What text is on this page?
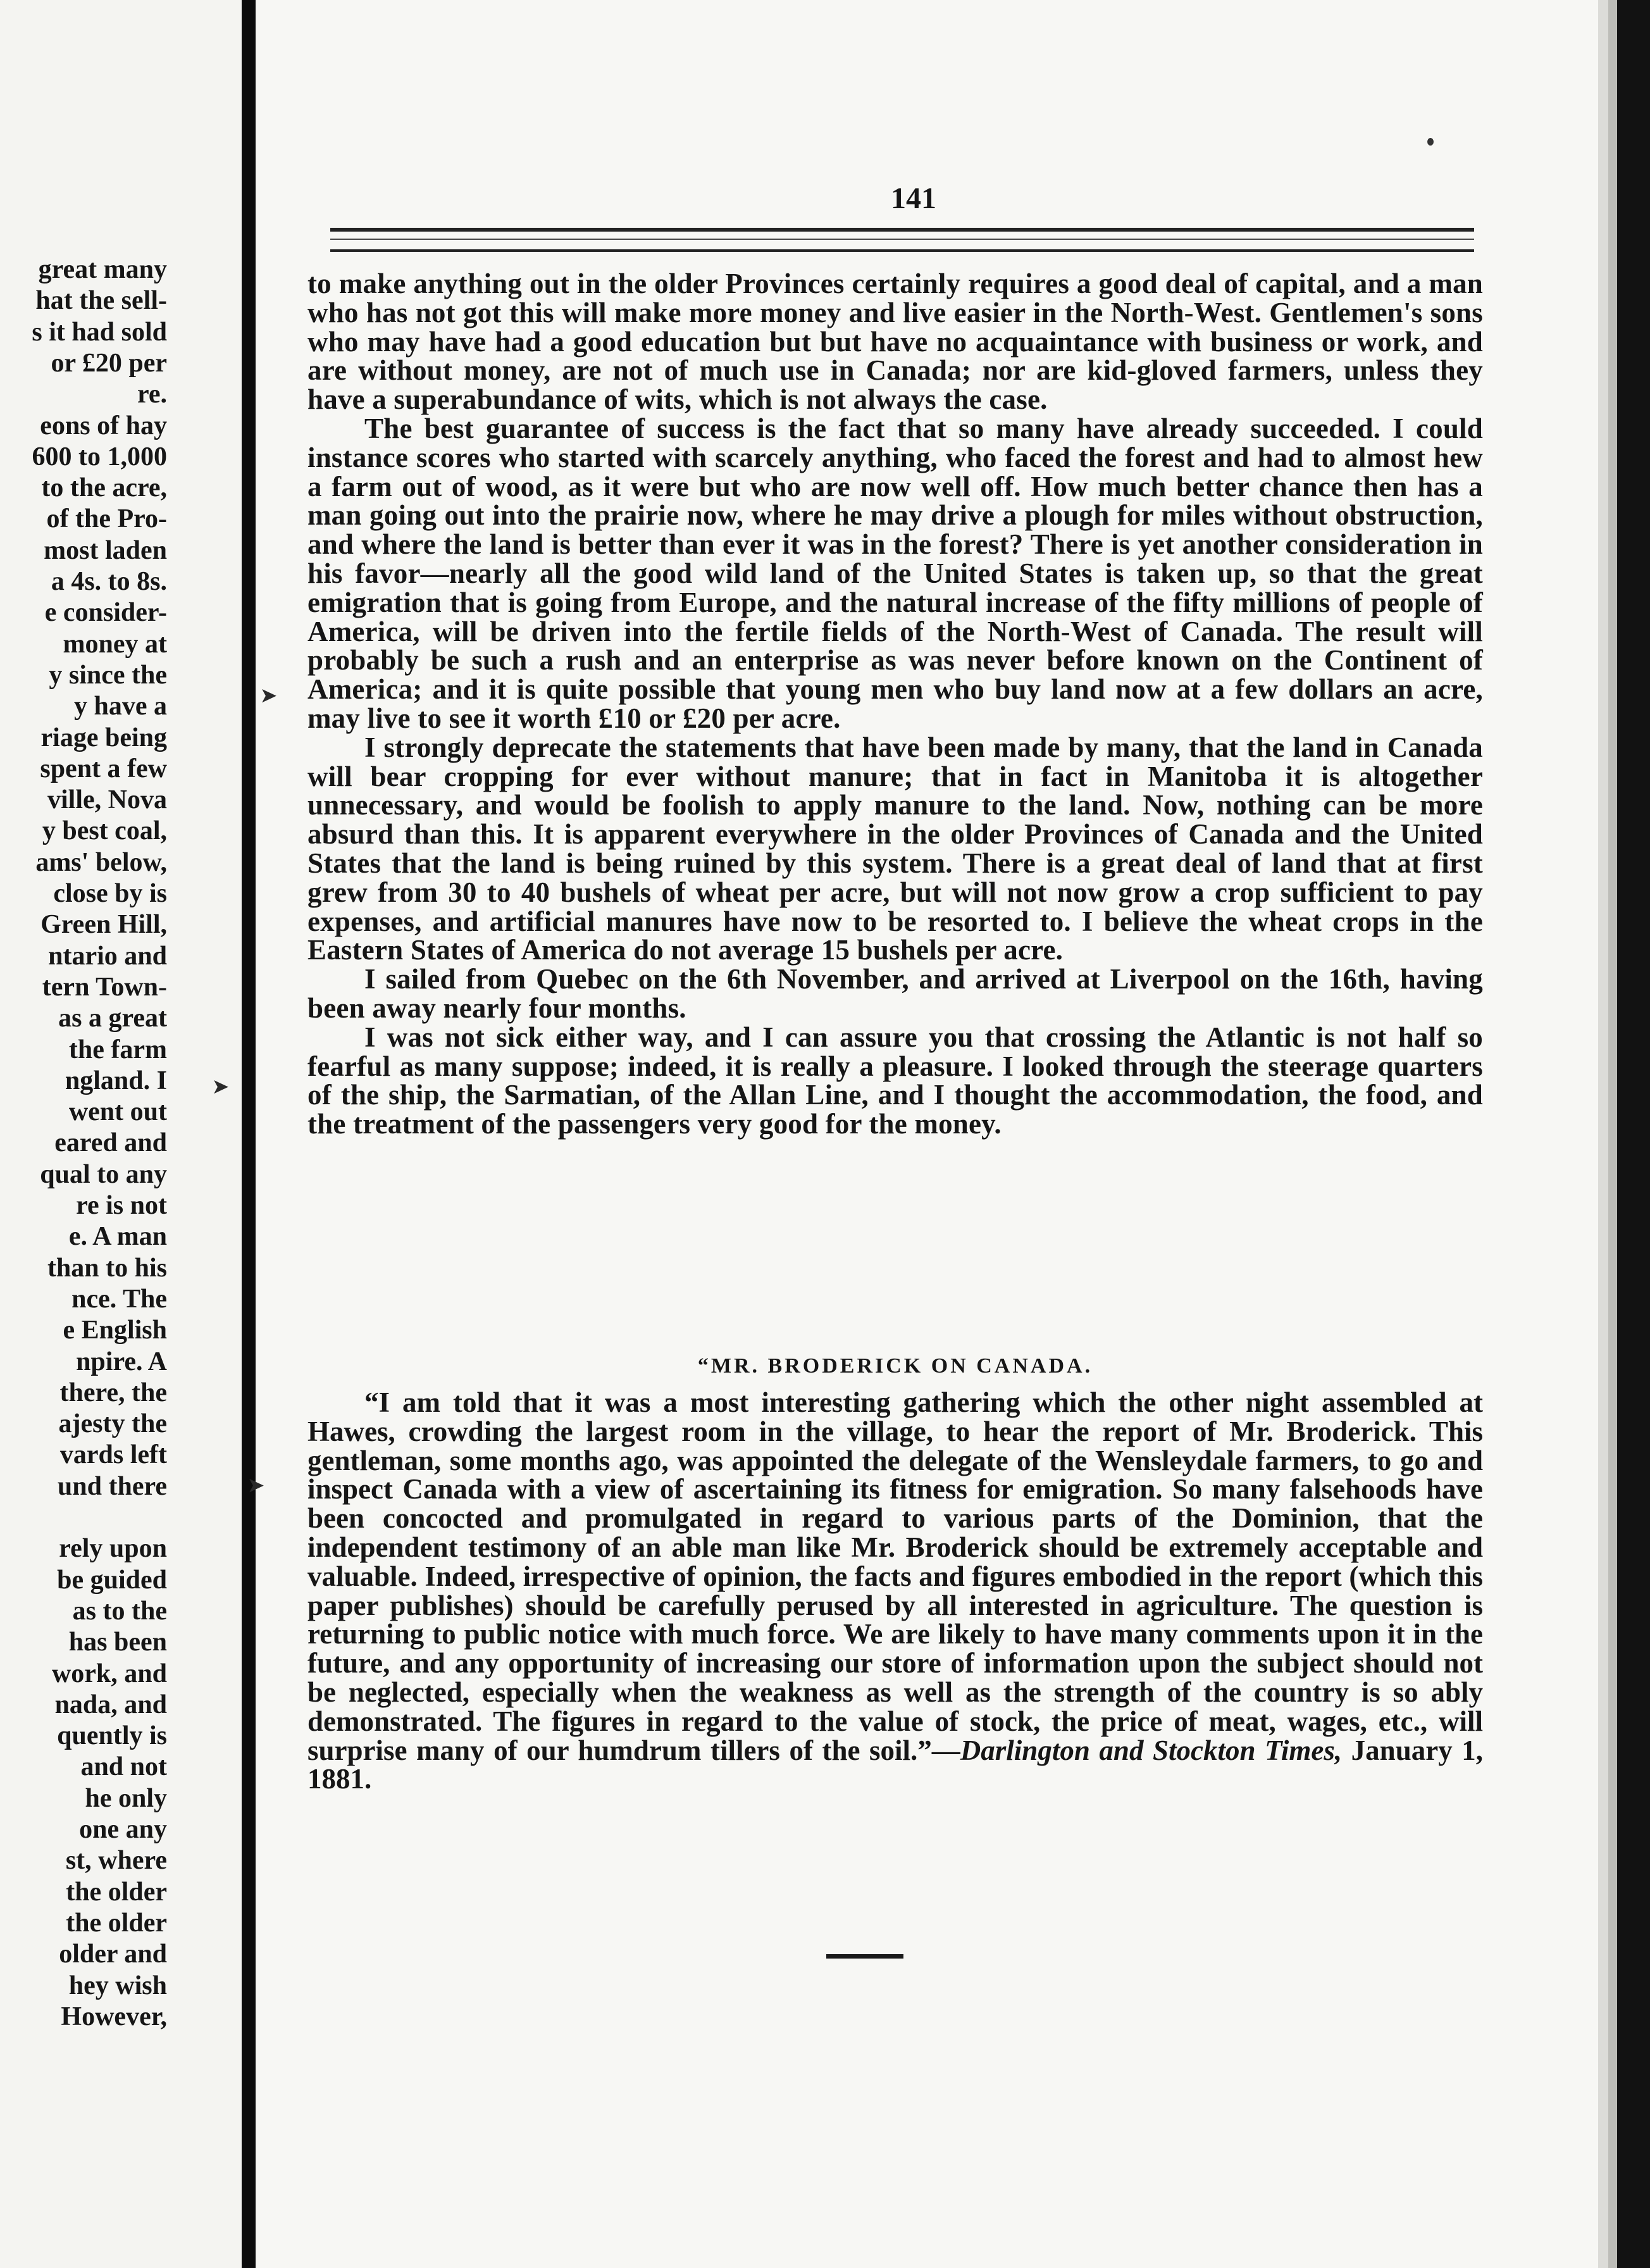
great many
hat the sell-
s it had sold
or £20 per
re.
eons of hay
600 to 1,000
to the acre,
of the Pro-
most laden
a 4s. to 8s.
e consider-
money at
y since the
y have a
riage being
spent a few
ville, Nova
y best coal,
ams' below,
close by is
Green Hill,
ntario and
tern Town-
as a great
the farm
ngland. I
went out
eared and
qual to any
re is not
e. A man
than to his
nce. The
e English
npire. A
there, the
ajesty the
vards left
und there
rely upon
be guided
as to the
has been
work, and
nada, and
quently is
and not
he only
one any
st, where
the older
the older
older and
hey wish
However,
141

to make anything out in the older Provinces certainly requires a good deal of capital, and a man who has not got this will make more money and live easier in the North-West. Gentlemen's sons who may have had a good education but but have no acquaintance with business or work, and are without money, are not of much use in Canada; nor are kid-gloved farmers, unless they have a superabundance of wits, which is not always the case.

The best guarantee of success is the fact that so many have already succeeded. I could instance scores who started with scarcely anything, who faced the forest and had to almost hew a farm out of wood, as it were but who are now well off. How much better chance then has a man going out into the prairie now, where he may drive a plough for miles without obstruction, and where the land is better than ever it was in the forest? There is yet another consideration in his favor—nearly all the good wild land of the United States is taken up, so that the great emigration that is going from Europe, and the natural increase of the fifty millions of people of America, will be driven into the fertile fields of the North-West of Canada. The result will probably be such a rush and an enterprise as was never before known on the Continent of America; and it is quite possible that young men who buy land now at a few dollars an acre, may live to see it worth £10 or £20 per acre.

I strongly deprecate the statements that have been made by many, that the land in Canada will bear cropping for ever without manure; that in fact in Manitoba it is altogether unnecessary, and would be foolish to apply manure to the land. Now, nothing can be more absurd than this. It is apparent everywhere in the older Provinces of Canada and the United States that the land is being ruined by this system. There is a great deal of land that at first grew from 30 to 40 bushels of wheat per acre, but will not now grow a crop sufficient to pay expenses, and artificial manures have now to be resorted to. I believe the wheat crops in the Eastern States of America do not average 15 bushels per acre.

I sailed from Quebec on the 6th November, and arrived at Liverpool on the 16th, having been away nearly four months.

I was not sick either way, and I can assure you that crossing the Atlantic is not half so fearful as many suppose; indeed, it is really a pleasure. I looked through the steerage quarters of the ship, the Sarmatian, of the Allan Line, and I thought the accommodation, the food, and the treatment of the passengers very good for the money.

➤
➤
➤
“MR. BRODERICK ON CANADA.

“I am told that it was a most interesting gathering which the other night assembled at Hawes, crowding the largest room in the village, to hear the report of Mr. Broderick. This gentleman, some months ago, was appointed the delegate of the Wensleydale farmers, to go and inspect Canada with a view of ascertaining its fitness for emigration. So many falsehoods have been concocted and promulgated in regard to various parts of the Dominion, that the independent testimony of an able man like Mr. Broderick should be extremely acceptable and valuable. Indeed, irrespective of opinion, the facts and figures embodied in the report (which this paper publishes) should be carefully perused by all interested in agriculture. The question is returning to public notice with much force. We are likely to have many comments upon it in the future, and any opportunity of increasing our store of information upon the subject should not be neglected, especially when the weakness as well as the strength of the country is so ably demonstrated. The figures in regard to the value of stock, the price of meat, wages, etc., will surprise many of our humdrum tillers of the soil.”—Darlington and Stockton Times, January 1, 1881.
